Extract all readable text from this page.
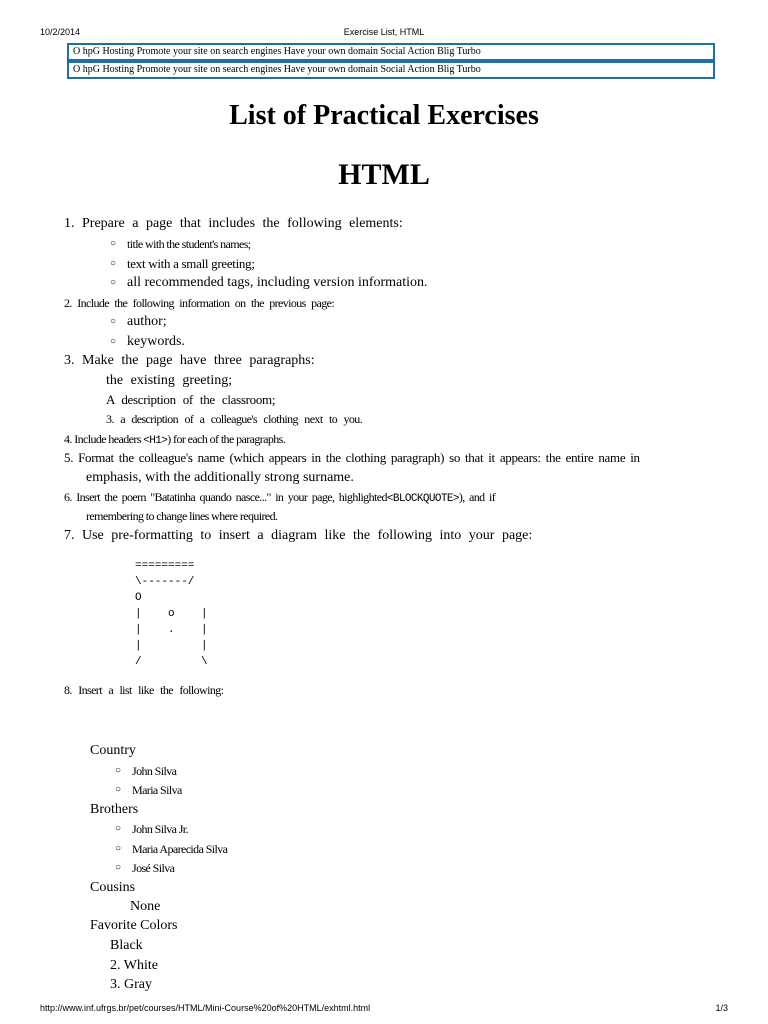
10/2/2014	Exercise List, HTML
O hpG Hosting Promote your site on search engines Have your own domain Social Action Blig Turbo
O hpG Hosting Promote your site on search engines Have your own domain Social Action Blig Turbo
List of Practical Exercises
HTML
1. Prepare a page that includes the following elements:
○ title with the student's names;
○ text with a small greeting;
○ all recommended tags, including version information.
2. Include the following information on the previous page:
○ author;
○ keywords.
3. Make the page have three paragraphs:
the existing greeting;
A description of the classroom;
3. a description of a colleague's clothing next to you.
4. Include headers <H1>) for each of the paragraphs.
5. Format the colleague's name (which appears in the clothing paragraph) so that it appears: the entire name in
emphasis, with the additionally strong surname.
6. Insert the poem "Batatinha quando nasce..." in your page, highlighted<BLOCKQUOTE>), and if
remembering to change lines where required.
7. Use pre-formatting to insert a diagram like the following into your page:
=========
\-------/
O
|    o    |
|    .    |
|         |
/         \
8. Insert a list like the following:
Country
○ John Silva
○ Maria Silva
Brothers
○ John Silva Jr.
○ Maria Aparecida Silva
○ José Silva
Cousins
None
Favorite Colors
Black
2. White
3. Gray
http://www.inf.ufrgs.br/pet/courses/HTML/Mini-Course%20of%20HTML/exhtml.html	1/3
